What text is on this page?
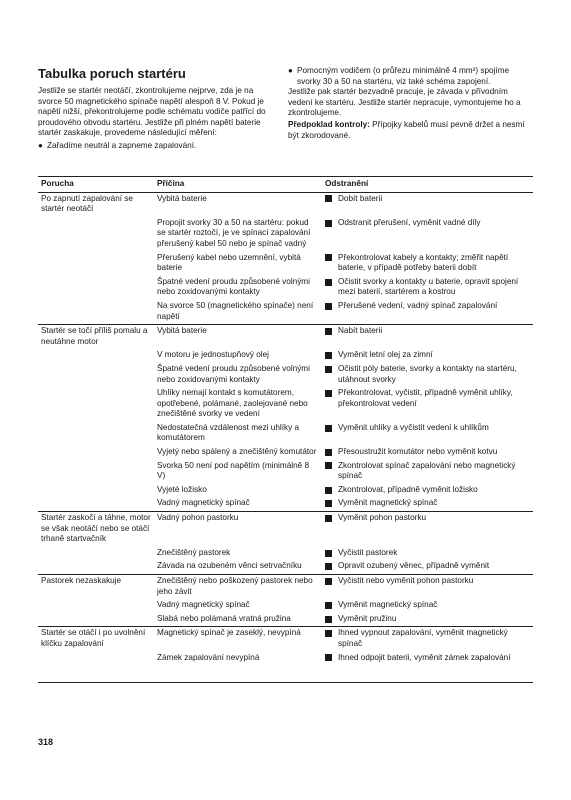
Tabulka poruch startéru

Jestliže se startér neotáčí, zkontrolujeme nejprve, zda je na svorce 50 magnetického spínače napětí alespoň 8 V. Pokud je napětí nižší, překontrolujeme podle schématu vodiče patřící do proudového obvodu startéru. Jestliže při plném napětí baterie startér zaskakuje, provedeme následující měření:

● Zařadíme neutrál a zapneme zapalování.
● Pomocným vodičem (o průřezu minimálně 4 mm²) spojíme svorky 30 a 50 na startéru, viz také schéma zapojení.

Jestliže pak startér bezvadně pracuje, je závada v přívodním vedení ke startéru. Jestliže startér nepracuje, vymontujeme ho a zkontrolujeme.

Předpoklad kontroly: Přípojky kabelů musí pevně držet a nesmí být zkorodované.

Porucha	Příčina	Odstranění
Po zapnutí zapalování se startér neotáčí	Vybitá baterie	Dobít baterii

	Propojit svorky 30 a 50 na startéru: pokud se startér roztočí, je ve spínací zapalování přerušený kabel 50 nebo je spínač vadný	Odstranit přerušení, vyměnit vadné díly

	Přerušený kabel nebo uzemnění, vybitá baterie	Překontrolovat kabely a kontakty; změřit napětí baterie, v případě potřeby baterii dobít

	Špatné vedení proudu způsobené volnými nebo zoxidovanými kontakty	Očistit svorky a kontakty u baterie, opravit spojení mezi baterií, startérem a kostrou

	Na svorce 50 (magnetického spínače) není napětí	Přerušené vedení, vadný spínač zapalování

Startér se točí příliš pomalu a neutáhne motor	Vybitá baterie	Nabít baterii

	V motoru je jednostupňový olej	Vyměnit letní olej za zimní

	Špatné vedení proudu způsobené volnými nebo zoxidovanými kontakty	Očistit póly baterie, svorky a kontakty na startéru, utáhnout svorky

	Uhlíky nemají kontakt s komutátorem, opotřebené, polámané, zaolejované nebo znečištěné svorky ve vedení	Překontrolovat, vyčistit, případně vyměnit uhlíky, překontrolovat vedení

	Nedostatečná vzdálenost mezi uhlíky a komutátorem	Vyměnit uhlíky a vyčistit vedení k uhlíkům

	Vyjetý nebo spálený a znečištěný komutátor	Přesoustružit komutátor nebo vyměnit kotvu

	Svorka 50 není pod napětím (minimálně 8 V)	Zkontrolovat spínač zapalování nebo magnetický spínač

	Vyjeté ložisko	Zkontrolovat, případně vyměnit ložisko

	Vadný magnetický spínač	Vyměnit magnetický spínač

Startér zaskočí a táhne, motor se však neotáčí nebo se otáčí trhaně startvačník	Vadný pohon pastorku	Vyměnit pohon pastorku

	Znečištěný pastorek	Vyčistit pastorek

	Závada na ozubeném věnci setrvačníku	Opravit ozubený věnec, případně vyměnit

Pastorek nezaskakuje	Znečištěný nebo poškozený pastorek nebo jeho závit	Vyčistit nebo vyměnit pohon pastorku

	Vadný magnetický spínač	Vyměnit magnetický spínač

	Slabá nebo polámaná vratná pružina	Vyměnit pružinu

Startér se otáčí i po uvolnění klíčku zapalování	Magnetický spínač je zaseklý, nevypíná	Ihned vypnout zapalování, vyměnit magnetický spínač

	Zámek zapalování nevypíná	Ihned odpojit baterii, vyměnit zámek zapalování
318
